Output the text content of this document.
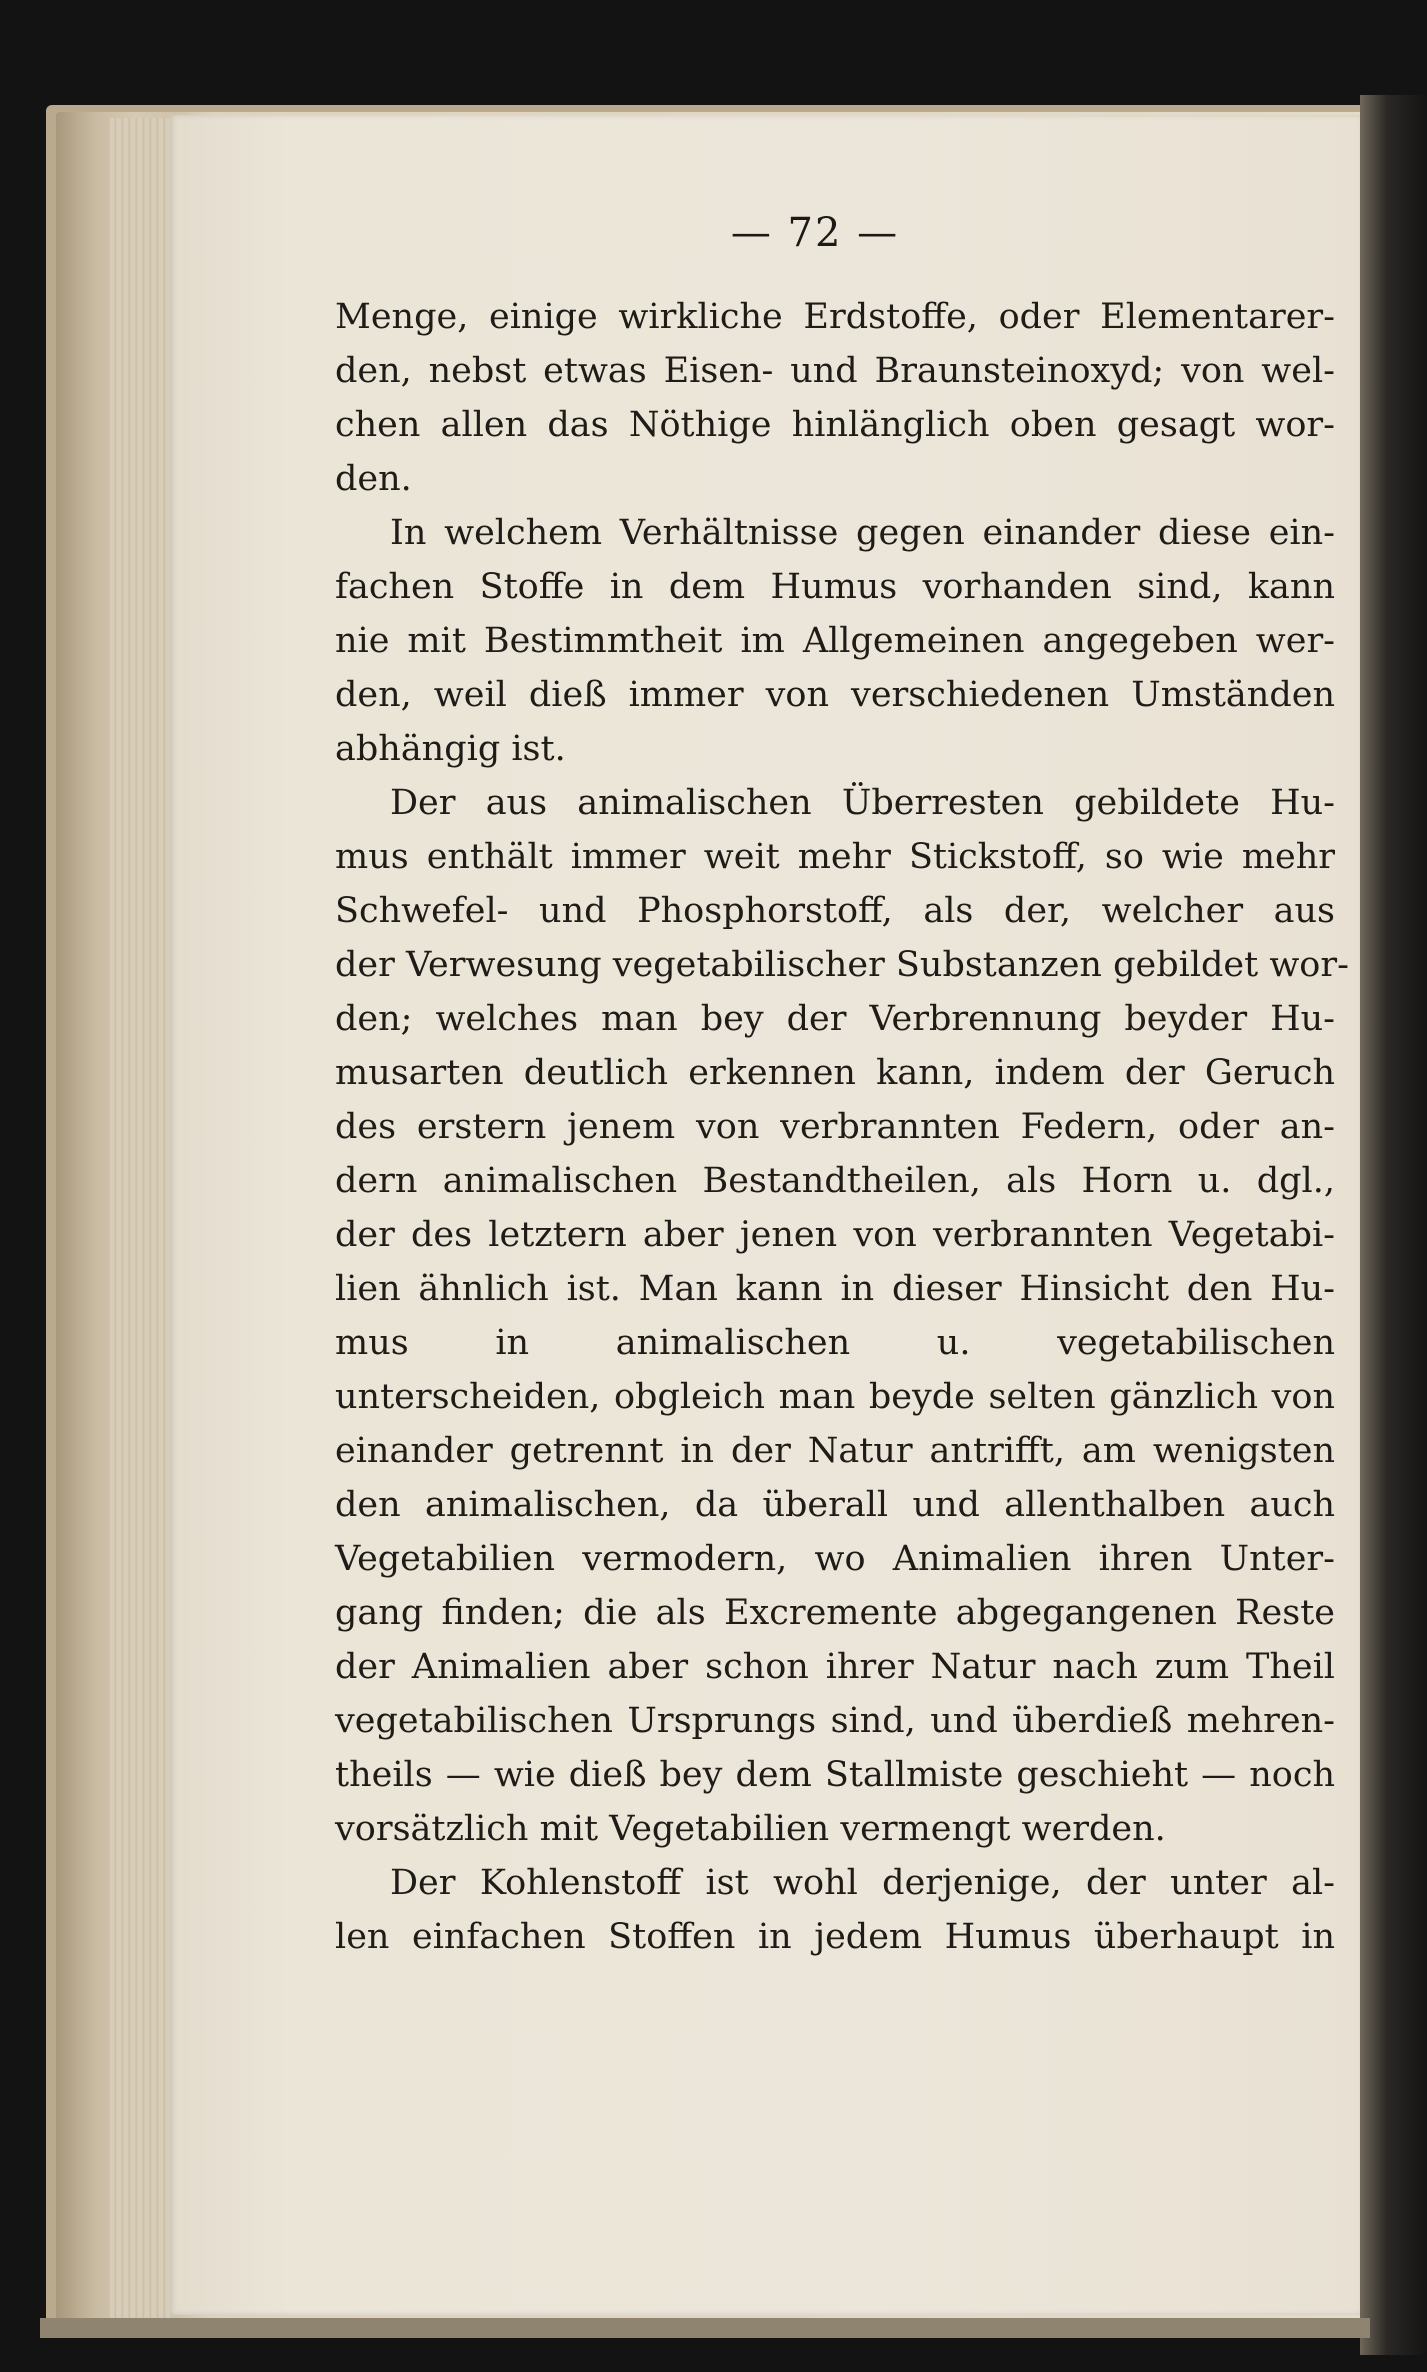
— 72 —
Menge, einige wirkliche Erdstoffe, oder Elementarer-
den, nebst etwas Eisen- und Braunsteinoxyd; von wel-
chen allen das Nöthige hinlänglich oben gesagt wor-
den.
In welchem Verhältnisse gegen einander diese ein-
fachen Stoffe in dem Humus vorhanden sind, kann
nie mit Bestimmtheit im Allgemeinen angegeben wer-
den, weil dieß immer von verschiedenen Umständen
abhängig ist.
Der aus animalischen Überresten gebildete Hu-
mus enthält immer weit mehr Stickstoff, so wie mehr
Schwefel- und Phosphorstoff, als der, welcher aus
der Verwesung vegetabilischer Substanzen gebildet wor-
den; welches man bey der Verbrennung beyder Hu-
musarten deutlich erkennen kann, indem der Geruch
des erstern jenem von verbrannten Federn, oder an-
dern animalischen Bestandtheilen, als Horn u. dgl.,
der des letztern aber jenen von verbrannten Vegetabi-
lien ähnlich ist. Man kann in dieser Hinsicht den Hu-
mus in animalischen u. vegetabilischen
unterscheiden, obgleich man beyde selten gänzlich von
einander getrennt in der Natur antrifft, am wenigsten
den animalischen, da überall und allenthalben auch
Vegetabilien vermodern, wo Animalien ihren Unter-
gang finden; die als Excremente abgegangenen Reste
der Animalien aber schon ihrer Natur nach zum Theil
vegetabilischen Ursprungs sind, und überdieß mehren-
theils — wie dieß bey dem Stallmiste geschieht — noch
vorsätzlich mit Vegetabilien vermengt werden.
Der Kohlenstoff ist wohl derjenige, der unter al-
len einfachen Stoffen in jedem Humus überhaupt in
